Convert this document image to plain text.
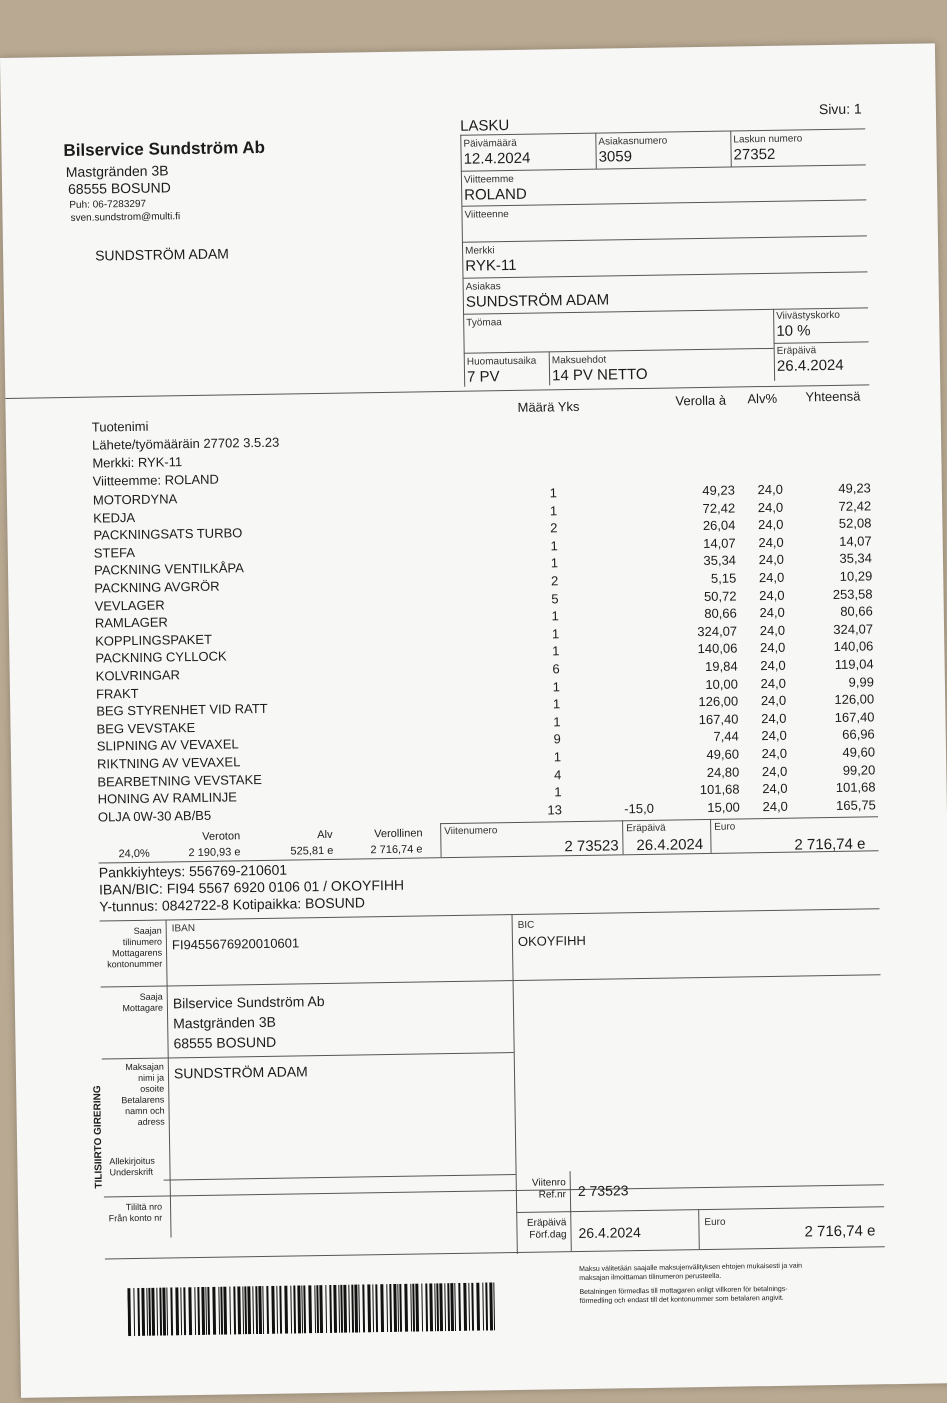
Sivu: 1
LASKU
Bilservice Sundström Ab
Mastgränden 3B
68555 BOSUND
Puh: 06-7283297
sven.sundstrom@multi.fi
SUNDSTRÖM ADAM
Päivämäärä
12.4.2024
Asiakasnumero
3059
Laskun numero
27352
Viitteemme
ROLAND
Viitteenne
Merkki
RYK-11
Asiakas
SUNDSTRÖM ADAM
Työmaa
Viivästyskorko
10 %
Eräpäivä
26.4.2024
Huomautusaika
7 PV
Maksuehdot
14 PV NETTO
Tuotenimi
Määrä Yks	Verolla à Alv% Yhteensä
Lähete/työmääräin 27702 3.5.23
Merkki: RYK-11
Viitteemme: ROLAND
MOTORDYNA	1	49,23	24,0	49,23
KEDJA	1	72,42	24,0	72,42
PACKNINGSATS TURBO	2	26,04	24,0	52,08
STEFA	1	14,07	24,0	14,07
PACKNING VENTILKÅPA	1	35,34	24,0	35,34
PACKNING AVGRÖR	2	5,15	24,0	10,29
VEVLAGER	5	50,72	24,0	253,58
RAMLAGER	1	80,66	24,0	80,66
KOPPLINGSPAKET	1	324,07	24,0	324,07
PACKNING CYLLOCK	1	140,06	24,0	140,06
KOLVRINGAR	6	19,84	24,0	119,04
FRAKT	1	10,00	24,0	9,99
BEG STYRENHET VID RATT	1	126,00	24,0	126,00
BEG VEVSTAKE	1	167,40	24,0	167,40
SLIPNING AV VEVAXEL	9	7,44	24,0	66,96
RIKTNING AV VEVAXEL	1	49,60	24,0	49,60
BEARBETNING VEVSTAKE	4	24,80	24,0	99,20
HONING AV RAMLINJE	1	101,68	24,0	101,68
OLJA 0W-30 AB/B5	13	-15,0	15,00	24,0	165,75
Veroton	Alv	Verollinen
24,0%	2 190,93 e	525,81 e	2 716,74 e
Viitenumero
2 73523
Eräpäivä
26.4.2024
Euro
2 716,74 e
Pankkiyhteys: 556769-210601
IBAN/BIC: FI94 5567 6920 0106 01 / OKOYFIHH
Y-tunnus: 0842722-8 Kotipaikka: BOSUND
Saajan
tilinumero
Mottagarens
kontonummer
IBAN
FI9455676920010601
BIC
OKOYFIHH
Saaja
Mottagare Bilservice Sundström Ab
Mastgränden 3B
68555 BOSUND
Maksajan
nimi ja
osoite
Betalarens
namn och
adress
SUNDSTRÖM ADAM
TILISIIRTO GIRERING Allekirjoitus
Underskrift
Tililtä nro
Från konto nr
Viitenro
Ref.nr 2 73523
Eräpäivä
Förf.dag 26.4.2024
Euro	2 716,74 e
Maksu välitetään saajalle maksujenvälityksen ehtojen mukaisesti ja vain
maksajan ilmoittaman tilinumeron perusteella.
Betalningen förmedlas till mottagaren enligt villkoren för betalnings-
förmedling och endast till det kontonummer som betalaren angivit.
